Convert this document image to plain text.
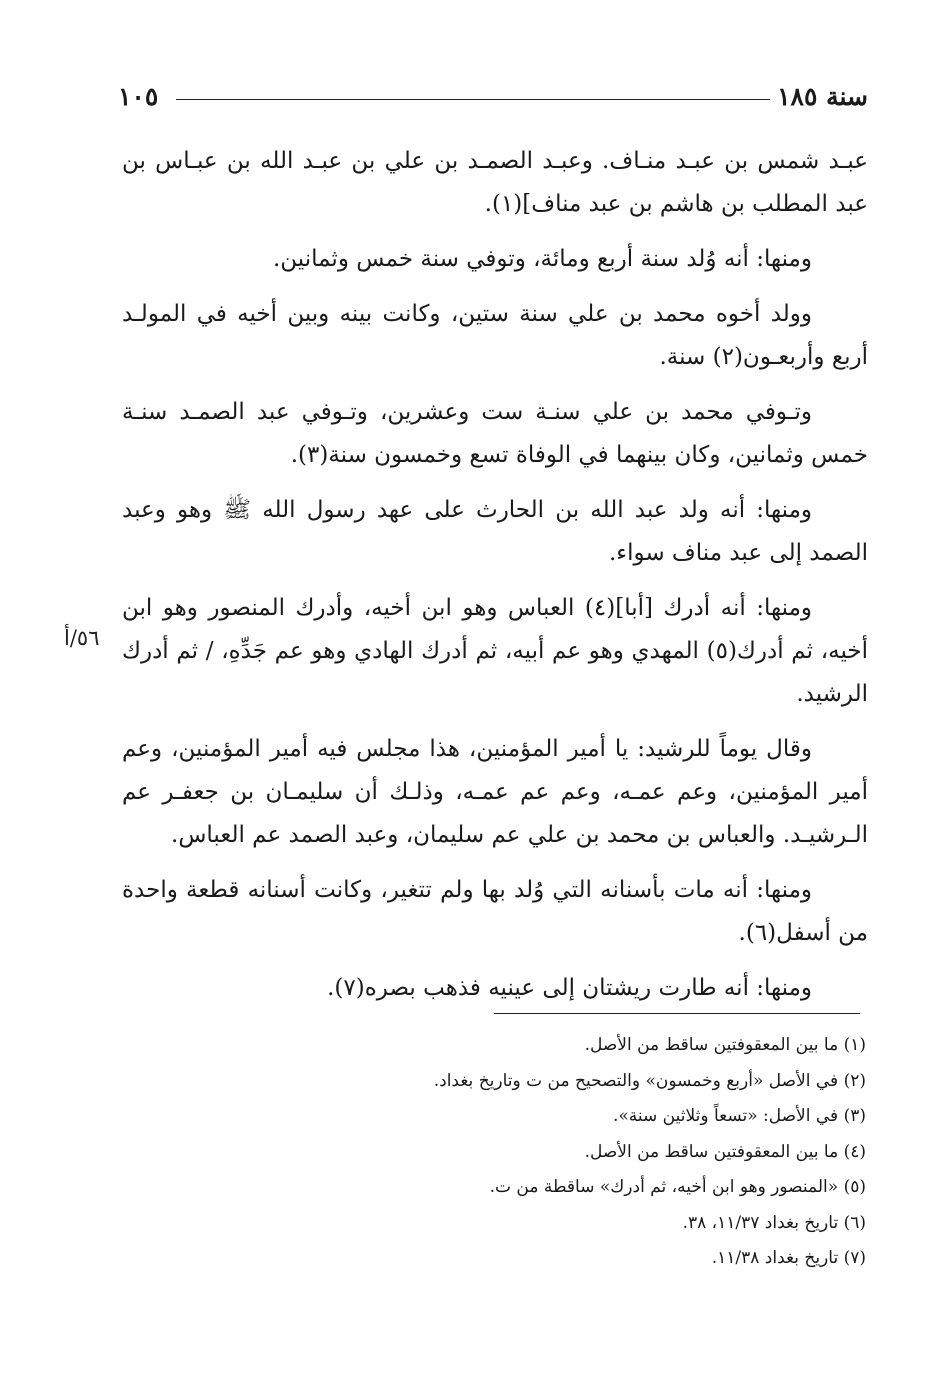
سنة ١٨٥
١٠٥
٥٦/أ

عبـد شمس بن عبـد منـاف. وعبـد الصمـد بن علي بن عبـد الله بن عبـاس بن عبد المطلب بن هاشم بن عبد مناف](١).

ومنها: أنه وُلد سنة أربع ومائة، وتوفي سنة خمس وثمانين.

وولد أخوه محمد بن علي سنة ستين، وكانت بينه وبين أخيه في المولـد أربع وأربعـون(٢) سنة.

وتـوفي محمد بن علي سنـة ست وعشرين، وتـوفي عبد الصمـد سنـة خمس وثمانين، وكان بينهما في الوفاة تسع وخمسون سنة(٣).

ومنها: أنه ولد عبد الله بن الحارث على عهد رسول الله ﷺ وهو وعبد الصمد إلى عبد مناف سواء.

ومنها: أنه أدرك [أبا](٤) العباس وهو ابن أخيه، وأدرك المنصور وهو ابن أخيه، ثم أدرك(٥) المهدي وهو عم أبيه، ثم أدرك الهادي وهو عم جَدِّهِ، / ثم أدرك الرشيد.

وقال يوماً للرشيد: يا أمير المؤمنين، هذا مجلس فيه أمير المؤمنين، وعم أمير المؤمنين، وعم عمـه، وعم عم عمـه، وذلـك أن سليمـان بن جعفـر عم الـرشيـد. والعباس بن محمد بن علي عم سليمان، وعبد الصمد عم العباس.

ومنها: أنه مات بأسنانه التي وُلد بها ولم تتغير، وكانت أسنانه قطعة واحدة من أسفل(٦).

ومنها: أنه طارت ريشتان إلى عينيه فذهب بصره(٧).

(١) ما بين المعقوفتين ساقط من الأصل.

(٢) في الأصل «أربع وخمسون» والتصحيح من ت وتاريخ بغداد.

(٣) في الأصل: «تسعاً وثلاثين سنة».

(٤) ما بين المعقوفتين ساقط من الأصل.

(٥) «المنصور وهو ابن أخيه، ثم أدرك» ساقطة من ت.

(٦) تاريخ بغداد ١١/٣٧، ٣٨.

(٧) تاريخ بغداد ١١/٣٨.
